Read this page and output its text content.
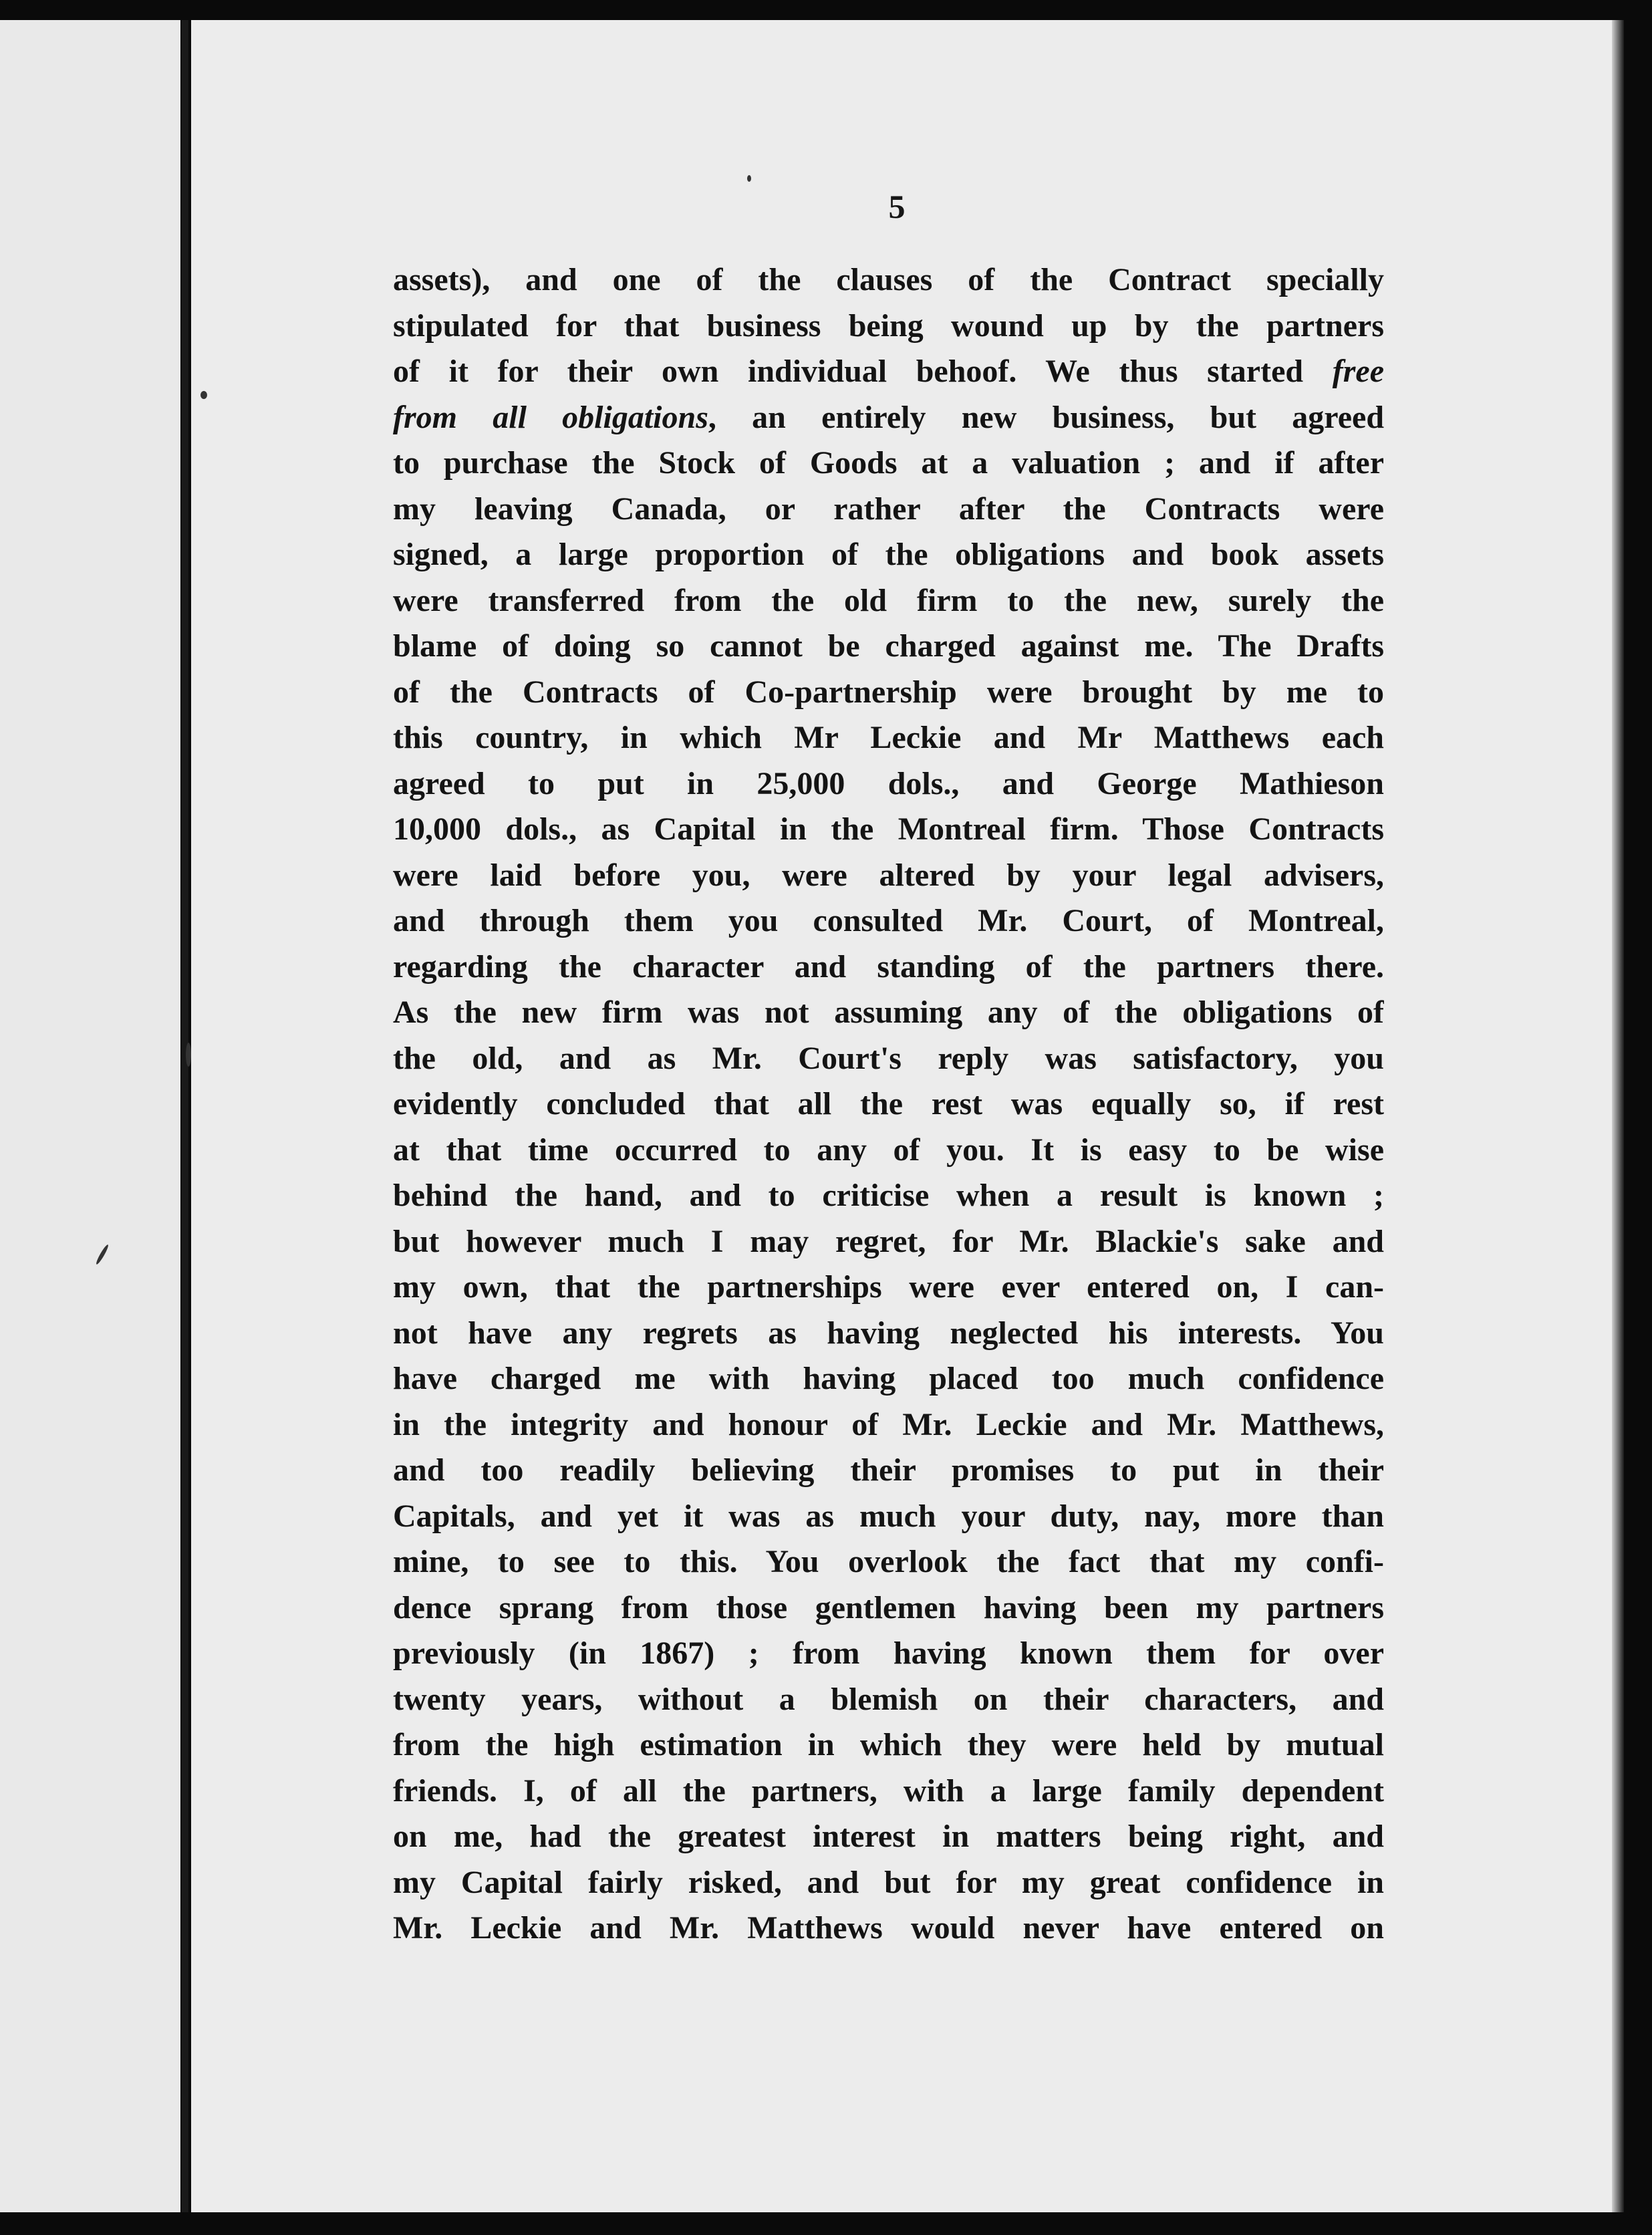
5
assets), and one of the clauses of the Contract specially
stipulated for that business being wound up by the partners
of it for their own individual behoof. We thus started free
from all obligations, an entirely new business, but agreed
to purchase the Stock of Goods at a valuation ; and if after
my leaving Canada, or rather after the Contracts were
signed, a large proportion of the obligations and book assets
were transferred from the old firm to the new, surely the
blame of doing so cannot be charged against me. The Drafts
of the Contracts of Co-partnership were brought by me to
this country, in which Mr Leckie and Mr Matthews each
agreed to put in 25,000 dols., and George Mathieson
10,000 dols., as Capital in the Montreal firm. Those Contracts
were laid before you, were altered by your legal advisers,
and through them you consulted Mr. Court, of Montreal,
regarding the character and standing of the partners there.
As the new firm was not assuming any of the obligations of
the old, and as Mr. Court's reply was satisfactory, you
evidently concluded that all the rest was equally so, if rest
at that time occurred to any of you. It is easy to be wise
behind the hand, and to criticise when a result is known ;
but however much I may regret, for Mr. Blackie's sake and
my own, that the partnerships were ever entered on, I can-
not have any regrets as having neglected his interests. You
have charged me with having placed too much confidence
in the integrity and honour of Mr. Leckie and Mr. Matthews,
and too readily believing their promises to put in their
Capitals, and yet it was as much your duty, nay, more than
mine, to see to this. You overlook the fact that my confi-
dence sprang from those gentlemen having been my partners
previously (in 1867) ; from having known them for over
twenty years, without a blemish on their characters, and
from the high estimation in which they were held by mutual
friends. I, of all the partners, with a large family dependent
on me, had the greatest interest in matters being right, and
my Capital fairly risked, and but for my great confidence in
Mr. Leckie and Mr. Matthews would never have entered on
